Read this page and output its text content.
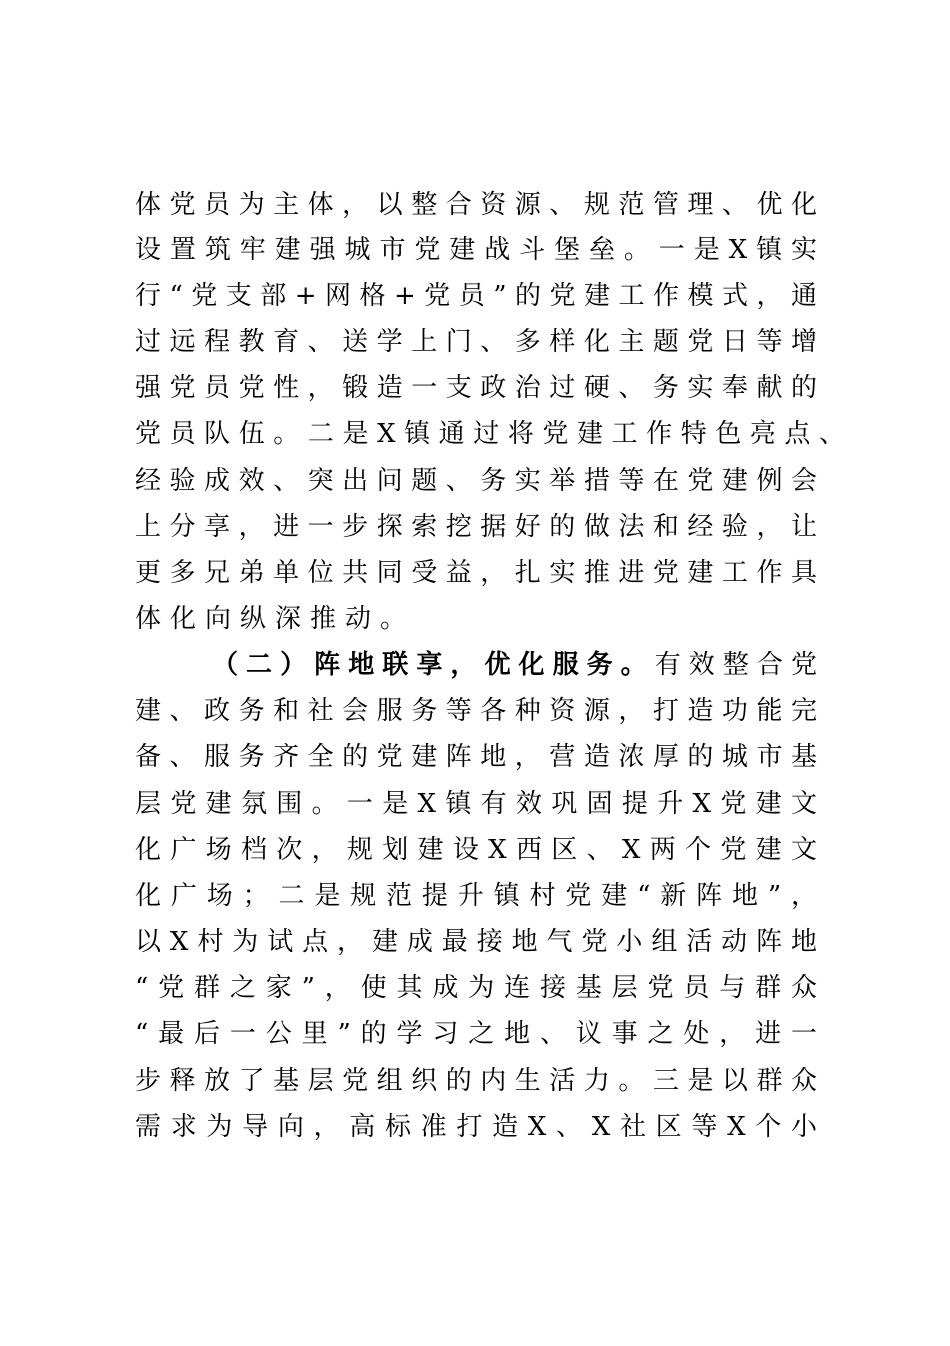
体党员为主体，以整合资源、规范管理、优化
设置筑牢建强城市党建战斗堡垒。一是X镇实
行“党支部+网格+党员”的党建工作模式，通
过远程教育、送学上门、多样化主题党日等增
强党员党性，锻造一支政治过硬、务实奉献的
党员队伍。二是X镇通过将党建工作特色亮点、
经验成效、突出问题、务实举措等在党建例会
上分享，进一步探索挖据好的做法和经验，让
更多兄弟单位共同受益，扎实推进党建工作具
体化向纵深推动。
（二）阵地联享，优化服务。有效整合党
建、政务和社会服务等各种资源，打造功能完
备、服务齐全的党建阵地，营造浓厚的城市基
层党建氛围。一是X镇有效巩固提升X党建文
化广场档次，规划建设X西区、X两个党建文
化广场；二是规范提升镇村党建“新阵地”，
以X村为试点，建成最接地气党小组活动阵地
“党群之家”，使其成为连接基层党员与群众
“最后一公里”的学习之地、议事之处，进一
步释放了基层党组织的内生活力。三是以群众
需求为导向，高标准打造X、X社区等X个小
